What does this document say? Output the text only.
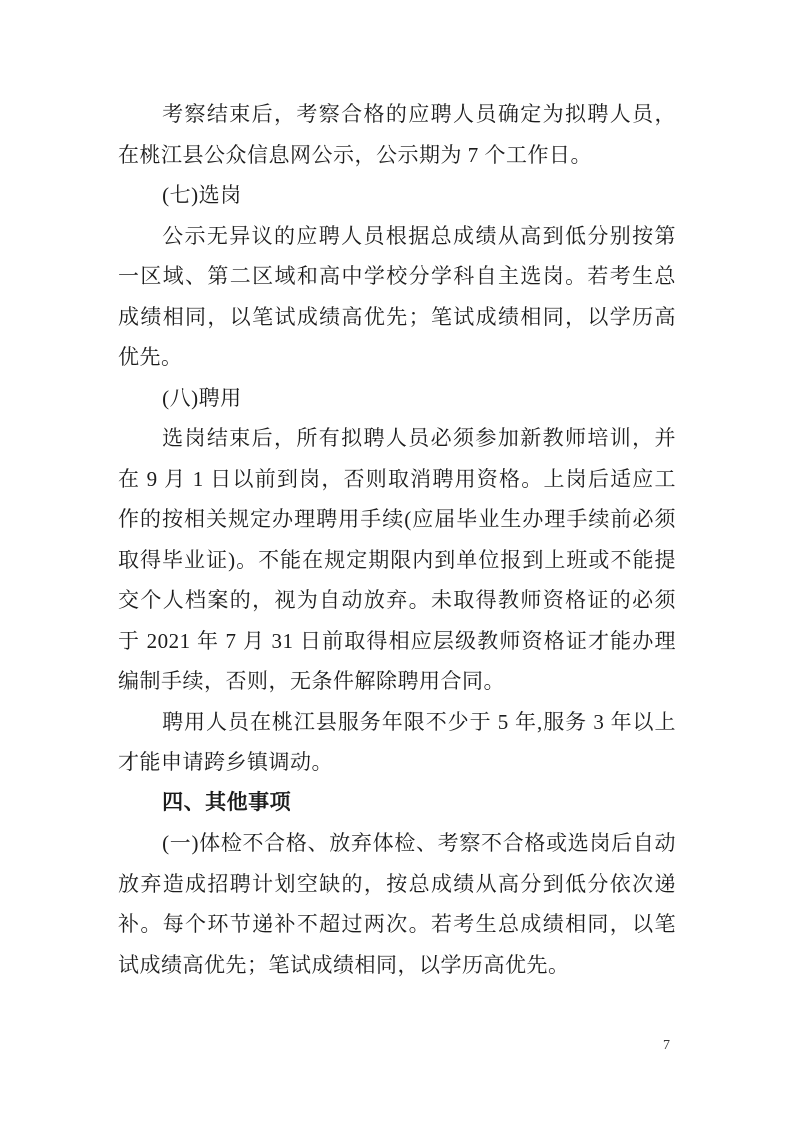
考察结束后，考察合格的应聘人员确定为拟聘人员，在桃江县公众信息网公示，公示期为 7 个工作日。

(七)选岗

公示无异议的应聘人员根据总成绩从高到低分别按第一区域、第二区域和高中学校分学科自主选岗。若考生总成绩相同，以笔试成绩高优先；笔试成绩相同，以学历高优先。

(八)聘用

选岗结束后，所有拟聘人员必须参加新教师培训，并在 9 月 1 日以前到岗，否则取消聘用资格。上岗后适应工作的按相关规定办理聘用手续(应届毕业生办理手续前必须取得毕业证)。不能在规定期限内到单位报到上班或不能提交个人档案的，视为自动放弃。未取得教师资格证的必须于 2021 年 7 月 31 日前取得相应层级教师资格证才能办理编制手续，否则，无条件解除聘用合同。

聘用人员在桃江县服务年限不少于 5 年,服务 3 年以上才能申请跨乡镇调动。

四、其他事项

(一)体检不合格、放弃体检、考察不合格或选岗后自动放弃造成招聘计划空缺的，按总成绩从高分到低分依次递补。每个环节递补不超过两次。若考生总成绩相同，以笔试成绩高优先；笔试成绩相同，以学历高优先。

7
